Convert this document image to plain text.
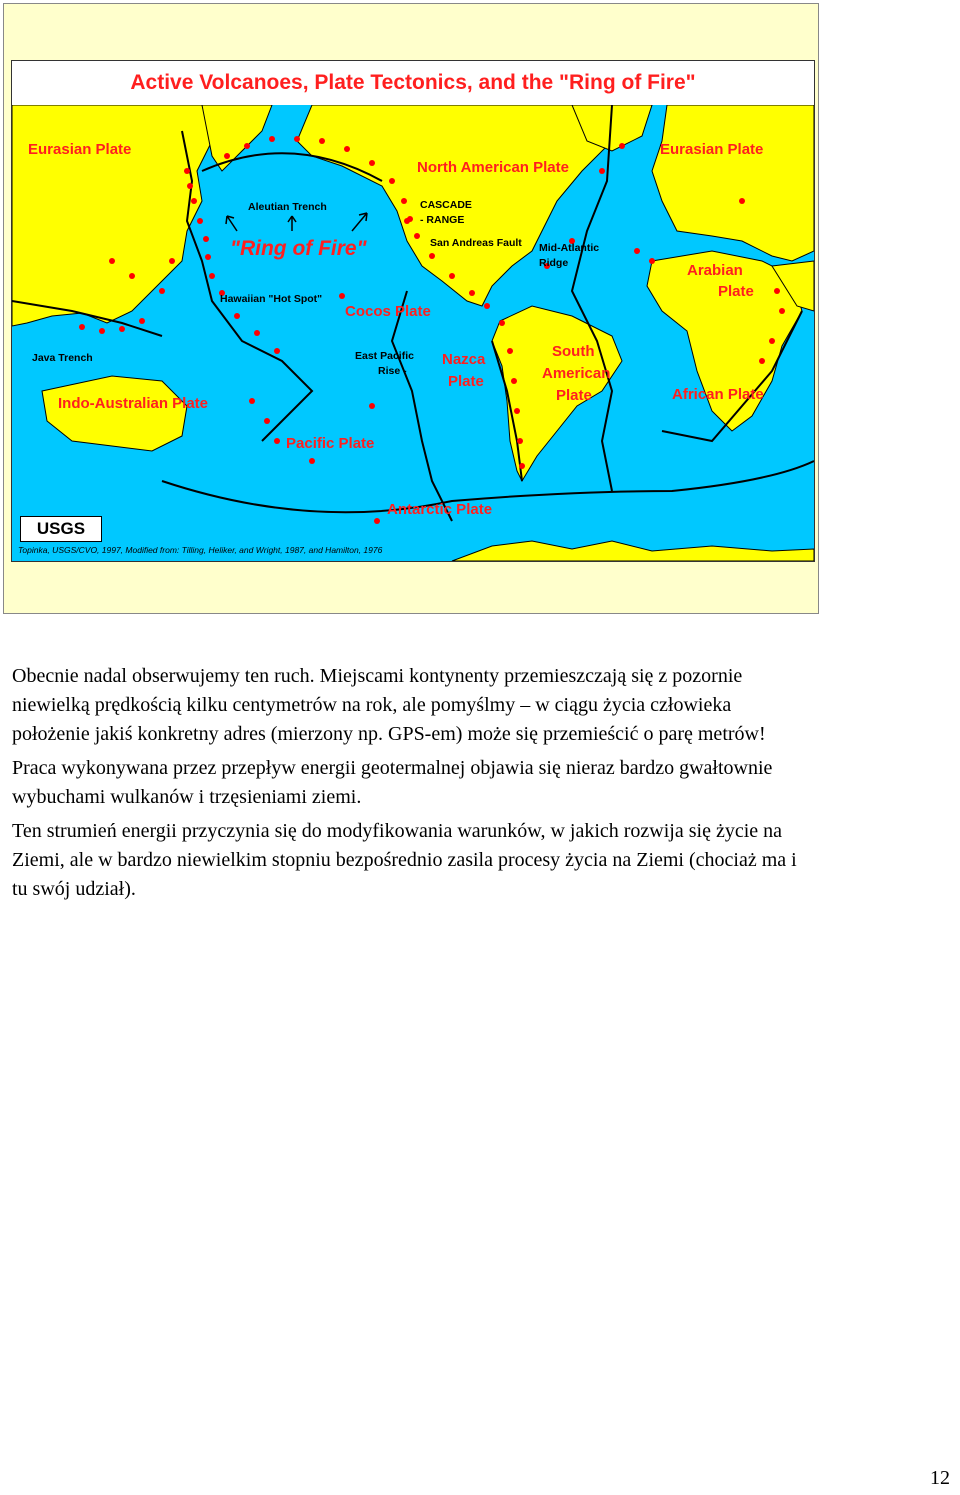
Active Volcanoes, Plate Tectonics, and the "Ring of Fire"
Eurasian Plate
North American Plate
Eurasian Plate
Arabian
Plate
Cocos Plate
Nazca
Plate
South
American
Plate	African Plate
Indo-Australian Plate
Pacific Plate
Antarctic Plate
Aleutian Trench	CASCADE
- RANGE
San Andreas Fault Mid-Atlantic
Ridge
Hawaiian "Hot Spot"
Java Trench	East Pacific
Rise -
"Ring of Fire"
USGS
Topinka, USGS/CVO, 1997, Modified from: Tilling, Heliker, and Wright, 1987, and Hamilton, 1976

Obecnie nadal obserwujemy ten ruch. Miejscami kontynenty przemieszczają się z pozornie niewielką prędkością kilku centymetrów na rok, ale pomyślmy – w ciągu życia człowieka położenie jakiś konkretny adres (mierzony np. GPS-em) może się przemieścić o parę metrów!

Praca wykonywana przez przepływ energii geotermalnej objawia się nieraz bardzo gwałtownie wybuchami wulkanów i trzęsieniami ziemi.

Ten strumień energii przyczynia się do modyfikowania warunków, w jakich rozwija się życie na Ziemi, ale w bardzo niewielkim stopniu bezpośrednio zasila procesy życia na Ziemi (chociaż ma i tu swój udział).

12
